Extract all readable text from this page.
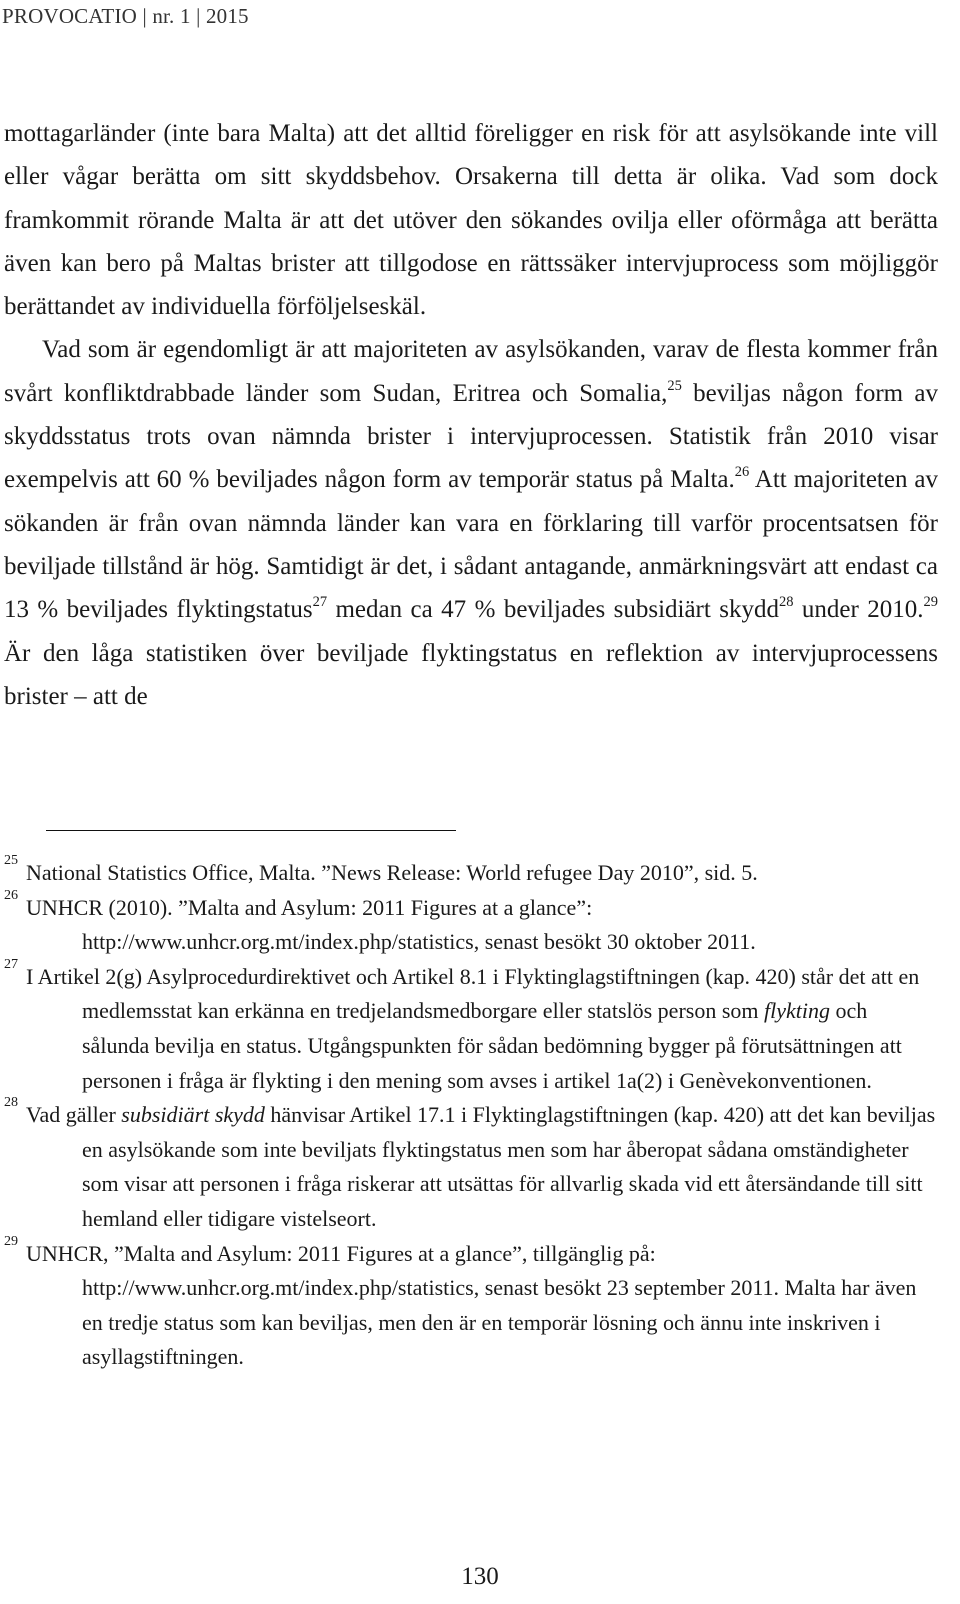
PROVOCATIO | nr. 1 | 2015

mottagarländer (inte bara Malta) att det alltid föreligger en risk för att asylsökande inte vill eller vågar berätta om sitt skyddsbehov. Orsakerna till detta är olika. Vad som dock framkommit rörande Malta är att det utöver den sökandes ovilja eller oförmåga att berätta även kan bero på Maltas brister att tillgodose en rättssäker intervjuprocess som möjliggör berättandet av individuella förföljelseskäl.

Vad som är egendomligt är att majoriteten av asylsökanden, varav de flesta kommer från svårt konfliktdrabbade länder som Sudan, Eritrea och Somalia,$^{25}$ beviljas någon form av skyddsstatus trots ovan nämnda brister i intervjuprocessen. Statistik från 2010 visar exempelvis att 60 % beviljades någon form av temporär status på Malta.$^{26}$ Att majoriteten av sökanden är från ovan nämnda länder kan vara en förklaring till varför procentsatsen för beviljade tillstånd är hög. Samtidigt är det, i sådant antagande, anmärkningsvärt att endast ca 13 % beviljades flyktingstatus$^{27}$ medan ca 47 % beviljades subsidiärt skydd$^{28}$ under 2010.29 Är den låga statistiken över beviljade flyktingstatus en reflektion av intervjuprocessens brister – att de

25 National Statistics Office, Malta. ”News Release: World refugee Day 2010”, sid. 5.

26 UNHCR (2010). ”Malta and Asylum: 2011 Figures at a glance”: http://www.unhcr.org.mt/index.php/statistics, senast besökt 30 oktober 2011.

27 I Artikel 2(g) Asylprocedurdirektivet och Artikel 8.1 i Flyktinglagstiftningen (kap. 420) står det att en medlemsstat kan erkänna en tredjelandsmedborgare eller statslös person som flykting och sålunda bevilja en status. Utgångspunkten för sådan bedömning bygger på förutsättningen att personen i fråga är flykting i den mening som avses i artikel 1a(2) i Genèvekonventionen.

28 Vad gäller subsidiärt skydd hänvisar Artikel 17.1 i Flyktinglagstiftningen (kap. 420) att det kan beviljas en asylsökande som inte beviljats flyktingstatus men som har åberopat sådana omständigheter som visar att personen i fråga riskerar att utsättas för allvarlig skada vid ett återsändande till sitt hemland eller tidigare vistelseort.

29 UNHCR, ”Malta and Asylum: 2011 Figures at a glance”, tillgänglig på: http://www.unhcr.org.mt/index.php/statistics, senast besökt 23 september 2011. Malta har även en tredje status som kan beviljas, men den är en temporär lösning och ännu inte inskriven i asyllagstiftningen.

130
